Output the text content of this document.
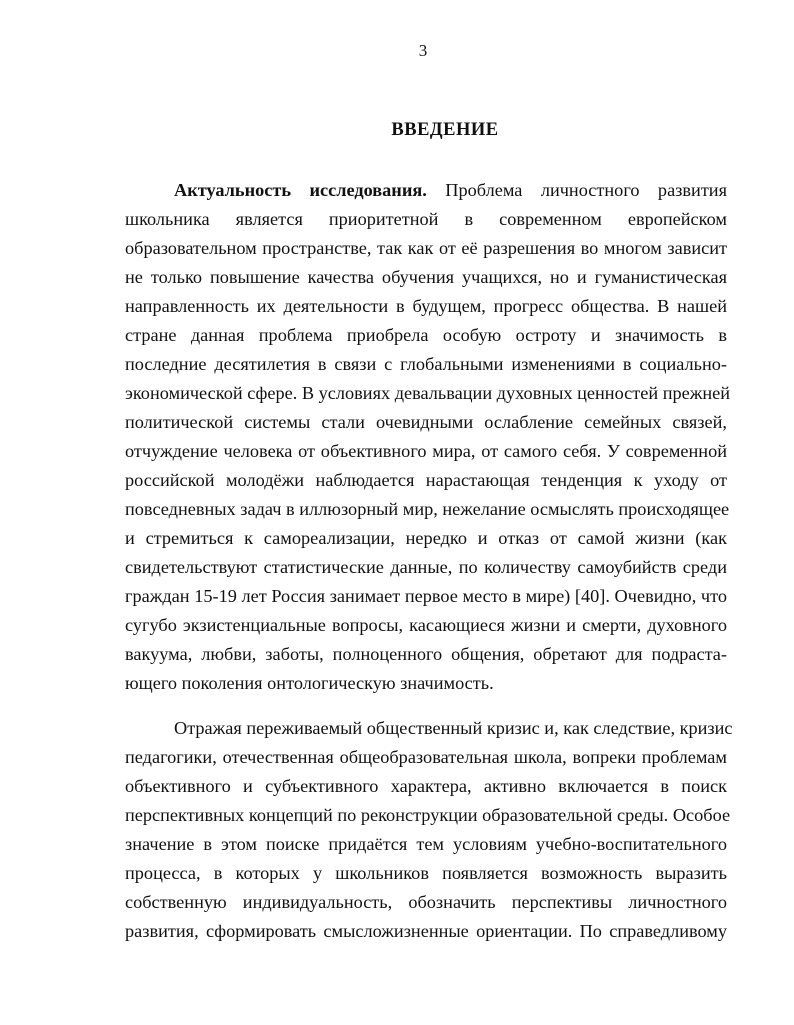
3
ВВЕДЕНИЕ
Актуальность исследования. Проблема личностного развития
школьника является приоритетной в современном европейском
образовательном пространстве, так как от её разрешения во многом зависит
не только повышение качества обучения учащихся, но и гуманистическая
направленность их деятельности в будущем, прогресс общества. В нашей
стране данная проблема приобрела особую остроту и значимость в
последние десятилетия в связи с глобальными изменениями в социально-
экономической сфере. В условиях девальвации духовных ценностей прежней
политической системы стали очевидными ослабление семейных связей,
отчуждение человека от объективного мира, от самого себя. У современной
российской молодёжи наблюдается нарастающая тенденция к уходу от
повседневных задач в иллюзорный мир, нежелание осмыслять происходящее
и стремиться к самореализации, нередко и отказ от самой жизни (как
свидетельствуют статистические данные, по количеству самоубийств среди
граждан 15-19 лет Россия занимает первое место в мире) [40]. Очевидно, что
сугубо экзистенциальные вопросы, касающиеся жизни и смерти, духовного
вакуума, любви, заботы, полноценного общения, обретают для подраста-
ющего поколения онтологическую значимость.
Отражая переживаемый общественный кризис и, как следствие, кризис
педагогики, отечественная общеобразовательная школа, вопреки проблемам
объективного и субъективного характера, активно включается в поиск
перспективных концепций по реконструкции образовательной среды. Особое
значение в этом поиске придаётся тем условиям учебно-воспитательного
процесса, в которых у школьников появляется возможность выразить
собственную индивидуальность, обозначить перспективы личностного
развития, сформировать смысложизненные ориентации. По справедливому
